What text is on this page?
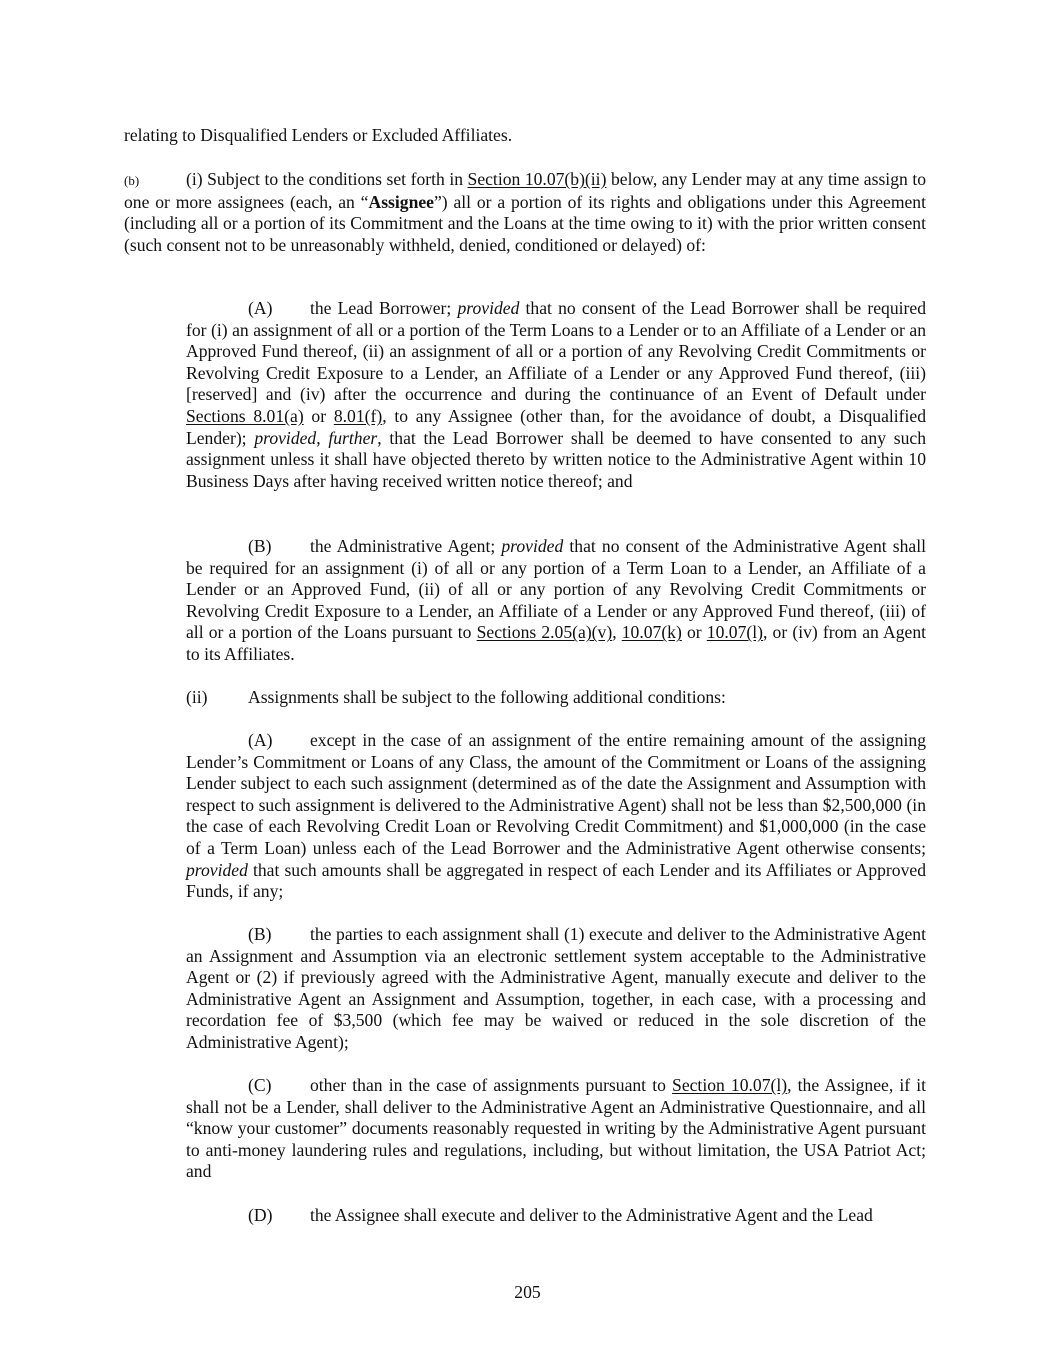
relating to Disqualified Lenders or Excluded Affiliates.

(b)	(i) Subject to the conditions set forth in Section 10.07(b)(ii) below, any Lender may at any time assign to one or more assignees (each, an “Assignee”) all or a portion of its rights and obligations under this Agreement (including all or a portion of its Commitment and the Loans at the time owing to it) with the prior written consent (such consent not to be unreasonably withheld, denied, conditioned or delayed) of:

(A) the Lead Borrower; provided that no consent of the Lead Borrower shall be required for (i) an assignment of all or a portion of the Term Loans to a Lender or to an Affiliate of a Lender or an Approved Fund thereof, (ii) an assignment of all or a portion of any Revolving Credit Commitments or Revolving Credit Exposure to a Lender, an Affiliate of a Lender or any Approved Fund thereof, (iii) [reserved] and (iv) after the occurrence and during the continuance of an Event of Default under Sections 8.01(a) or 8.01(f), to any Assignee (other than, for the avoidance of doubt, a Disqualified Lender); provided, further, that the Lead Borrower shall be deemed to have consented to any such assignment unless it shall have objected thereto by written notice to the Administrative Agent within 10 Business Days after having received written notice thereof; and

(B) the Administrative Agent; provided that no consent of the Administrative Agent shall be required for an assignment (i) of all or any portion of a Term Loan to a Lender, an Affiliate of a Lender or an Approved Fund, (ii) of all or any portion of any Revolving Credit Commitments or Revolving Credit Exposure to a Lender, an Affiliate of a Lender or any Approved Fund thereof, (iii) of all or a portion of the Loans pursuant to Sections 2.05(a)(v), 10.07(k) or 10.07(l), or (iv) from an Agent to its Affiliates.

(ii) Assignments shall be subject to the following additional conditions:

(A) except in the case of an assignment of the entire remaining amount of the assigning Lender’s Commitment or Loans of any Class, the amount of the Commitment or Loans of the assigning Lender subject to each such assignment (determined as of the date the Assignment and Assumption with respect to such assignment is delivered to the Administrative Agent) shall not be less than $2,500,000 (in the case of each Revolving Credit Loan or Revolving Credit Commitment) and $1,000,000 (in the case of a Term Loan) unless each of the Lead Borrower and the Administrative Agent otherwise consents; provided that such amounts shall be aggregated in respect of each Lender and its Affiliates or Approved Funds, if any;

(B) the parties to each assignment shall (1) execute and deliver to the Administrative Agent an Assignment and Assumption via an electronic settlement system acceptable to the Administrative Agent or (2) if previously agreed with the Administrative Agent, manually execute and deliver to the Administrative Agent an Assignment and Assumption, together, in each case, with a processing and recordation fee of $3,500 (which fee may be waived or reduced in the sole discretion of the Administrative Agent);

(C) other than in the case of assignments pursuant to Section 10.07(l), the Assignee, if it shall not be a Lender, shall deliver to the Administrative Agent an Administrative Questionnaire, and all “know your customer” documents reasonably requested in writing by the Administrative Agent pursuant to anti-money laundering rules and regulations, including, but without limitation, the USA Patriot Act; and

(D) the Assignee shall execute and deliver to the Administrative Agent and the Lead

205
